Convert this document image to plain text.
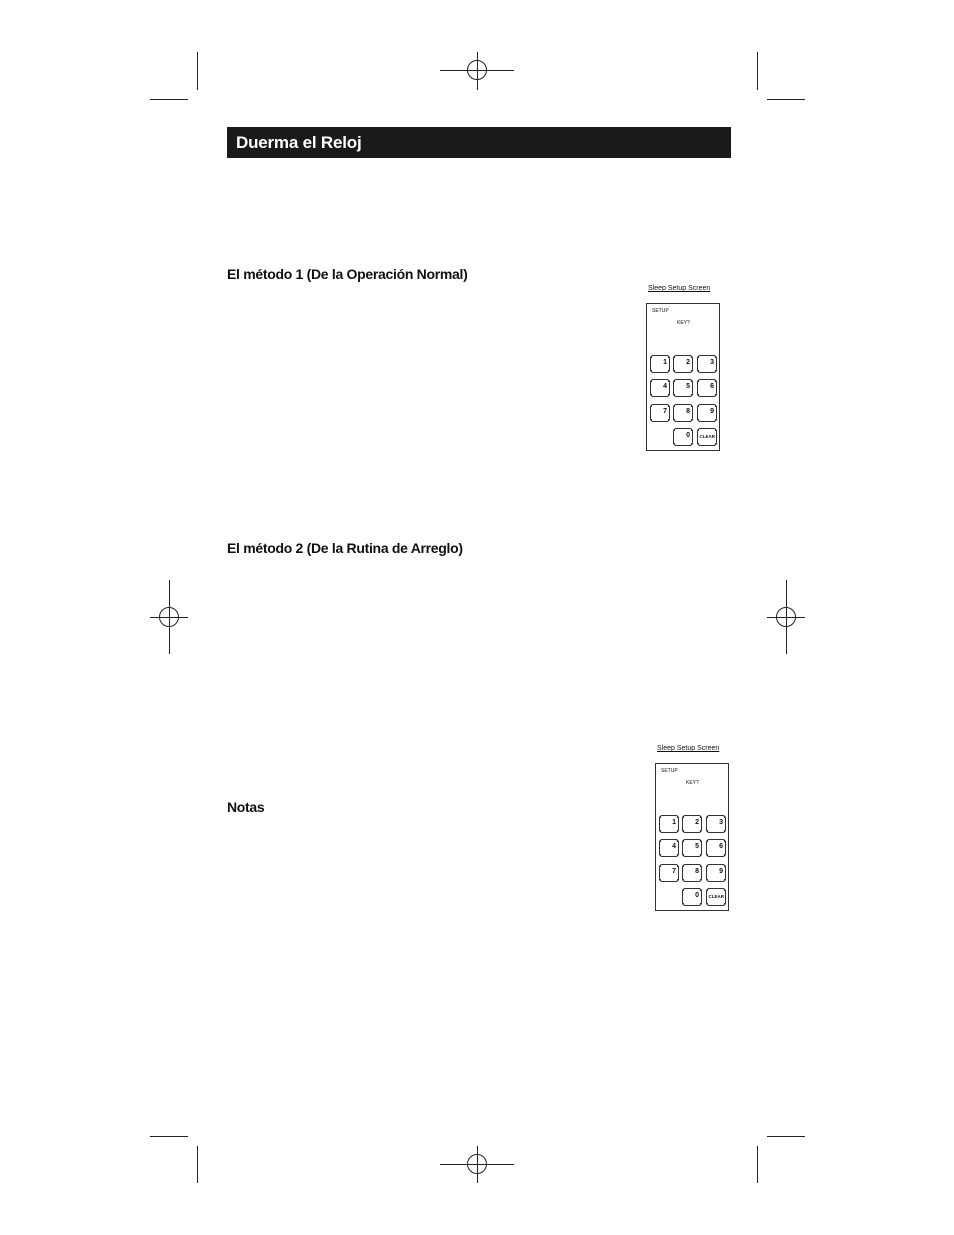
Duerma el Reloj
El método 1 (De la Operación Normal)
El método 2 (De la Rutina de Arreglo)
Notas
Sleep Setup Screen
SETUP
KEY?
1	2	3
4	5	6
7	8	9
0 CLEAR
Sleep Setup Screen
SETUP
KEY?
1	2	3
4	5	6
7	8	9
0 CLEAR
